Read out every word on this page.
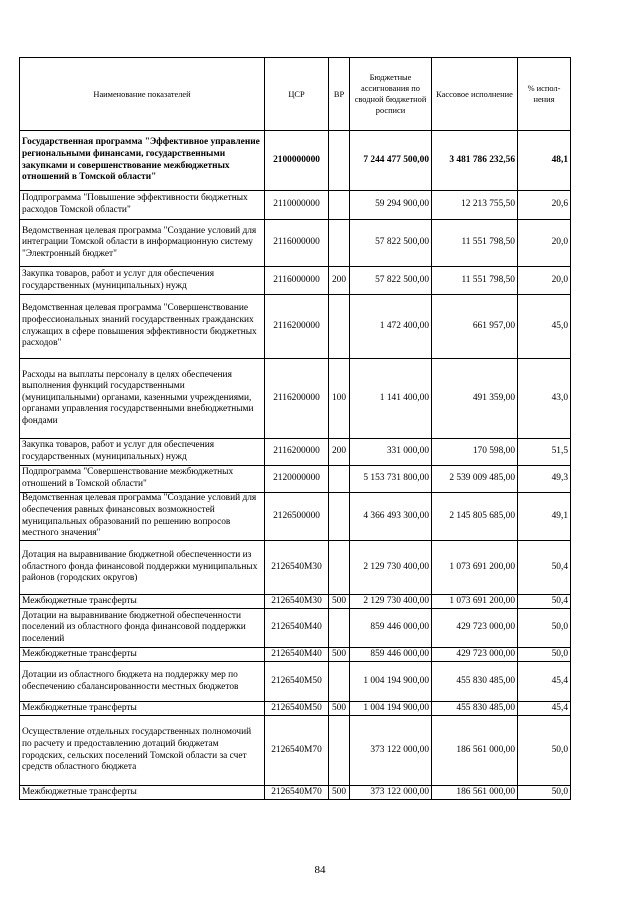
Наименование показателей	ЦСР	ВР	Бюджетные ассигнования по сводной бюджетной росписи	Кассовое исполнение	% испол-нения
Государственная программа "Эффективное управление региональными финансами, государственными закупками и совершенствование межбюджетных отношений в Томской области"	2100000000		7 244 477 500,00	3 481 786 232,56	48,1
Подпрограмма "Повышение эффективности бюджетных расходов Томской области"	2110000000		59 294 900,00	12 213 755,50	20,6
Ведомственная целевая программа "Создание условий для интеграции Томской области в информационную систему "Электронный бюджет"	2116000000		57 822 500,00	11 551 798,50	20,0
Закупка товаров, работ и услуг для обеспечения государственных (муниципальных) нужд	2116000000	200	57 822 500,00	11 551 798,50	20,0
Ведомственная целевая программа "Совершенствование профессиональных знаний государственных гражданских служащих в сфере повышения эффективности бюджетных расходов"	2116200000		1 472 400,00	661 957,00	45,0
Расходы на выплаты персоналу в целях обеспечения выполнения функций государственными (муниципальными) органами, казенными учреждениями, органами управления государственными внебюджетными фондами	2116200000	100	1 141 400,00	491 359,00	43,0
Закупка товаров, работ и услуг для обеспечения государственных (муниципальных) нужд	2116200000	200	331 000,00	170 598,00	51,5
Подпрограмма "Совершенствование межбюджетных отношений в Томской области"	2120000000		5 153 731 800,00	2 539 009 485,00	49,3
Ведомственная целевая программа "Создание условий для обеспечения равных финансовых возможностей муниципальных образований по решению вопросов местного значения"	2126500000		4 366 493 300,00	2 145 805 685,00	49,1
Дотация на выравнивание бюджетной обеспеченности из областного фонда финансовой поддержки муниципальных районов (городских округов)	2126540M30		2 129 730 400,00	1 073 691 200,00	50,4
Межбюджетные трансферты	2126540M30	500	2 129 730 400,00	1 073 691 200,00	50,4
Дотации на выравнивание бюджетной обеспеченности поселений из областного фонда финансовой поддержки поселений	2126540M40		859 446 000,00	429 723 000,00	50,0
Межбюджетные трансферты	2126540M40	500	859 446 000,00	429 723 000,00	50,0
Дотации из областного бюджета на поддержку мер по обеспечению сбалансированности местных бюджетов	2126540M50		1 004 194 900,00	455 830 485,00	45,4
Межбюджетные трансферты	2126540M50	500	1 004 194 900,00	455 830 485,00	45,4
Осуществление отдельных государственных полномочий по расчету и предоставлению дотаций бюджетам городских, сельских поселений Томской области за счет средств областного бюджета	2126540M70		373 122 000,00	186 561 000,00	50,0
Межбюджетные трансферты	2126540M70	500	373 122 000,00	186 561 000,00	50,0
84
